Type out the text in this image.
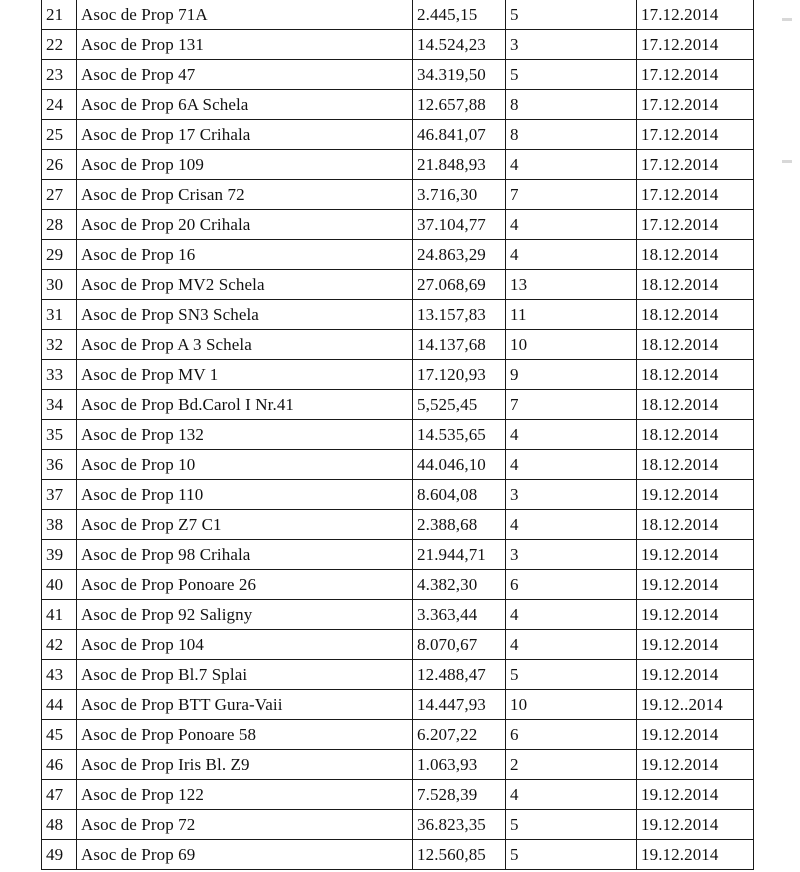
21	Asoc de Prop 71A	2.445,15	5	17.12.2014
22	Asoc de Prop 131	14.524,23	3	17.12.2014
23	Asoc de Prop 47	34.319,50	5	17.12.2014
24	Asoc de Prop 6A Schela	12.657,88	8	17.12.2014
25	Asoc de Prop 17 Crihala	46.841,07	8	17.12.2014
26	Asoc de Prop 109	21.848,93	4	17.12.2014
27	Asoc de Prop Crisan 72	3.716,30	7	17.12.2014
28	Asoc de Prop 20 Crihala	37.104,77	4	17.12.2014
29	Asoc de Prop 16	24.863,29	4	18.12.2014
30	Asoc de Prop MV2 Schela	27.068,69	13	18.12.2014
31	Asoc de Prop SN3 Schela	13.157,83	11	18.12.2014
32	Asoc de Prop A 3 Schela	14.137,68	10	18.12.2014
33	Asoc de Prop MV 1	17.120,93	9	18.12.2014
34	Asoc de Prop Bd.Carol I Nr.41	5,525,45	7	18.12.2014
35	Asoc de Prop 132	14.535,65	4	18.12.2014
36	Asoc de Prop 10	44.046,10	4	18.12.2014
37	Asoc de Prop 110	8.604,08	3	19.12.2014
38	Asoc de Prop Z7 C1	2.388,68	4	18.12.2014
39	Asoc de Prop 98 Crihala	21.944,71	3	19.12.2014
40	Asoc de Prop Ponoare 26	4.382,30	6	19.12.2014
41	Asoc de Prop 92 Saligny	3.363,44	4	19.12.2014
42	Asoc de Prop 104	8.070,67	4	19.12.2014
43	Asoc de Prop Bl.7 Splai	12.488,47	5	19.12.2014
44	Asoc de Prop BTT Gura-Vaii	14.447,93	10	19.12..2014
45	Asoc de Prop Ponoare 58	6.207,22	6	19.12.2014
46	Asoc de Prop Iris Bl. Z9	1.063,93	2	19.12.2014
47	Asoc de Prop 122	7.528,39	4	19.12.2014
48	Asoc de Prop 72	36.823,35	5	19.12.2014
49	Asoc de Prop 69	12.560,85	5	19.12.2014
